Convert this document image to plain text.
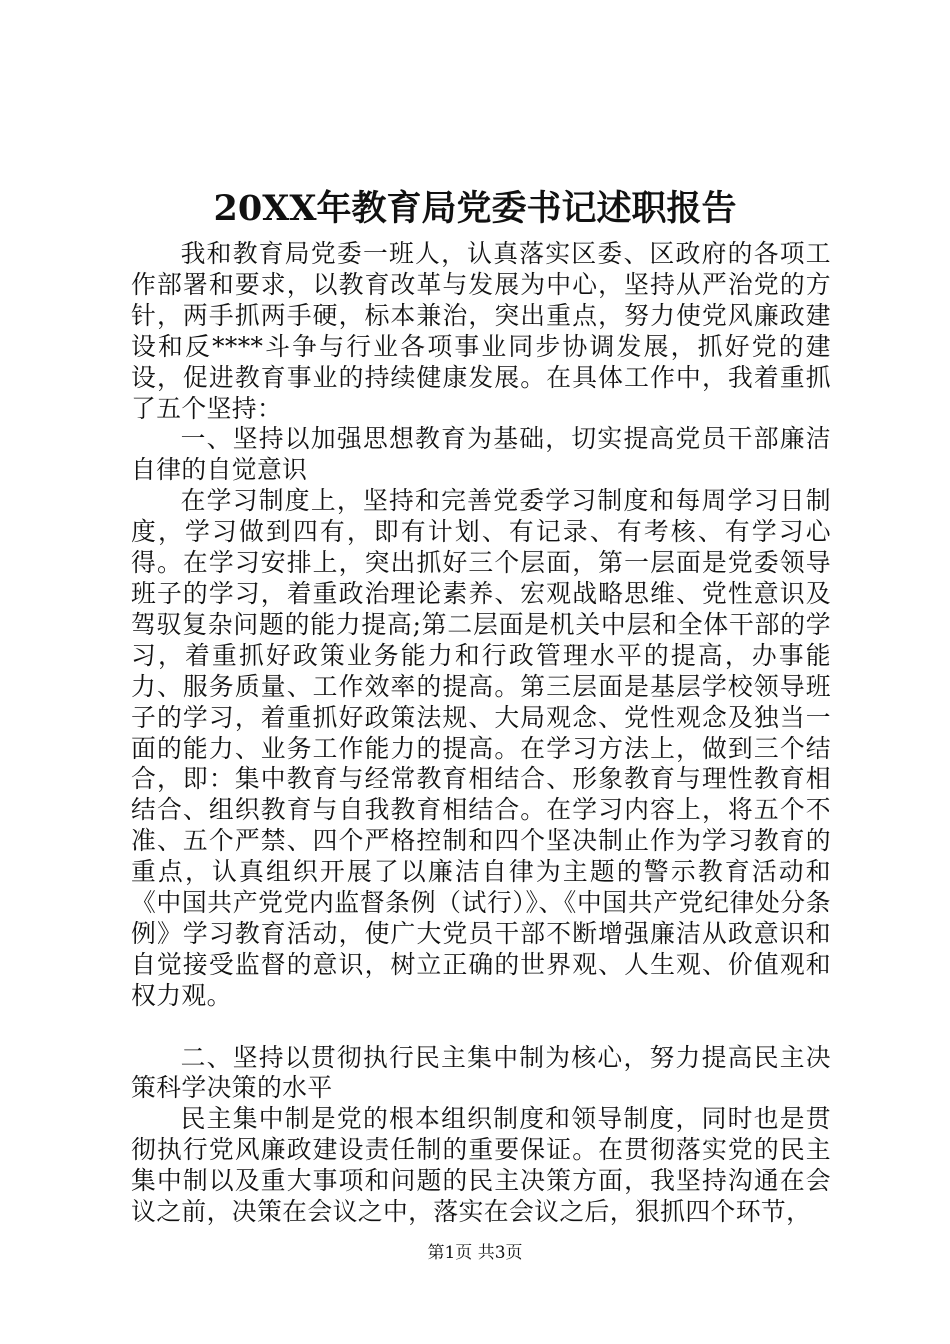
20XX年教育局党委书记述职报告

我和教育局党委一班人，认真落实区委、区政府的各项工作部署和要求，以教育改革与发展为中心，坚持从严治党的方针，两手抓两手硬，标本兼治，突出重点，努力使党风廉政建设和反****斗争与行业各项事业同步协调发展，抓好党的建设，促进教育事业的持续健康发展。在具体工作中，我着重抓了五个坚持：

一、坚持以加强思想教育为基础，切实提高党员干部廉洁自律的自觉意识

在学习制度上，坚持和完善党委学习制度和每周学习日制度，学习做到四有，即有计划、有记录、有考核、有学习心得。在学习安排上，突出抓好三个层面，第一层面是党委领导班子的学习，着重政治理论素养、宏观战略思维、党性意识及驾驭复杂问题的能力提高;第二层面是机关中层和全体干部的学习，着重抓好政策业务能力和行政管理水平的提高，办事能力、服务质量、工作效率的提高。第三层面是基层学校领导班子的学习，着重抓好政策法规、大局观念、党性观念及独当一面的能力、业务工作能力的提高。在学习方法上，做到三个结合，即：集中教育与经常教育相结合、形象教育与理性教育相结合、组织教育与自我教育相结合。在学习内容上，将五个不准、五个严禁、四个严格控制和四个坚决制止作为学习教育的重点，认真组织开展了以廉洁自律为主题的警示教育活动和《中国共产党党内监督条例（试行）》、《中国共产党纪律处分条例》学习教育活动，使广大党员干部不断增强廉洁从政意识和自觉接受监督的意识，树立正确的世界观、人生观、价值观和权力观。

二、坚持以贯彻执行民主集中制为核心，努力提高民主决策科学决策的水平

民主集中制是党的根本组织制度和领导制度，同时也是贯彻执行党风廉政建设责任制的重要保证。在贯彻落实党的民主集中制以及重大事项和问题的民主决策方面，我坚持沟通在会议之前，决策在会议之中，落实在会议之后，狠抓四个环节，

第1页 共3页
